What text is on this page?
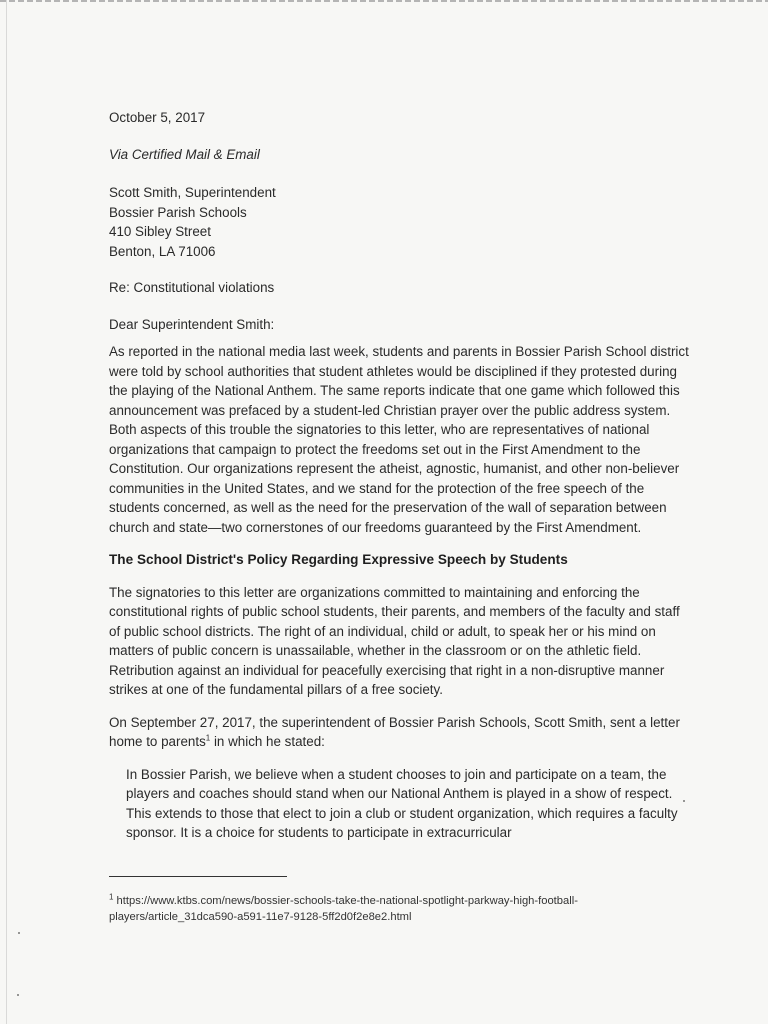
October 5, 2017

Via Certified Mail & Email

Scott Smith, Superintendent
Bossier Parish Schools
410 Sibley Street
Benton, LA 71006

Re: Constitutional violations

Dear Superintendent Smith:

As reported in the national media last week, students and parents in Bossier Parish School district were told by school authorities that student athletes would be disciplined if they protested during the playing of the National Anthem. The same reports indicate that one game which followed this announcement was prefaced by a student-led Christian prayer over the public address system. Both aspects of this trouble the signatories to this letter, who are representatives of national organizations that campaign to protect the freedoms set out in the First Amendment to the Constitution. Our organizations represent the atheist, agnostic, humanist, and other non-believer communities in the United States, and we stand for the protection of the free speech of the students concerned, as well as the need for the preservation of the wall of separation between church and state—two cornerstones of our freedoms guaranteed by the First Amendment.

The School District's Policy Regarding Expressive Speech by Students

The signatories to this letter are organizations committed to maintaining and enforcing the constitutional rights of public school students, their parents, and members of the faculty and staff of public school districts. The right of an individual, child or adult, to speak her or his mind on matters of public concern is unassailable, whether in the classroom or on the athletic field. Retribution against an individual for peacefully exercising that right in a non-disruptive manner strikes at one of the fundamental pillars of a free society.

On September 27, 2017, the superintendent of Bossier Parish Schools, Scott Smith, sent a letter home to parents$^1$ in which he stated:

In Bossier Parish, we believe when a student chooses to join and participate on a team, the players and coaches should stand when our National Anthem is played in a show of respect. This extends to those that elect to join a club or student organization, which requires a faculty sponsor. It is a choice for students to participate in extracurricular

$^1$ https://www.ktbs.com/news/bossier-schools-take-the-national-spotlight-parkway-high-football-players/article_31dca590-a591-11e7-9128-5ff2d0f2e8e2.html
